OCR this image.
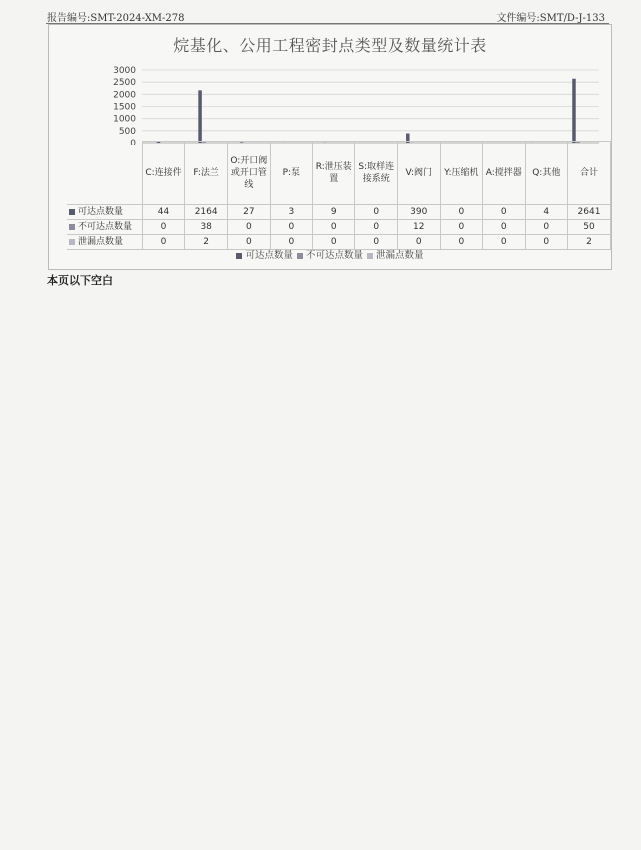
报告编号:SMT-2024-XM-278	文件编号:SMT/D-J-133
烷基化、公用工程密封点类型及数量统计表
3000
2500
2000
1500
1000
500
0
	C:连接件	F:法兰	O:开口阀或开口管线	P:泵	R:泄压装置	S:取样连接系统	V:阀门	Y:压缩机	A:搅拌器	Q:其他	合计
可达点数量	44	2164	27	3	9	0	390	0	0	4	2641
不可达点数量	0	38	0	0	0	0	12	0	0	0	50
泄漏点数量	0	2	0	0	0	0	0	0	0	0	2
可达点数量 不可达点数量 泄漏点数量
本页以下空白
